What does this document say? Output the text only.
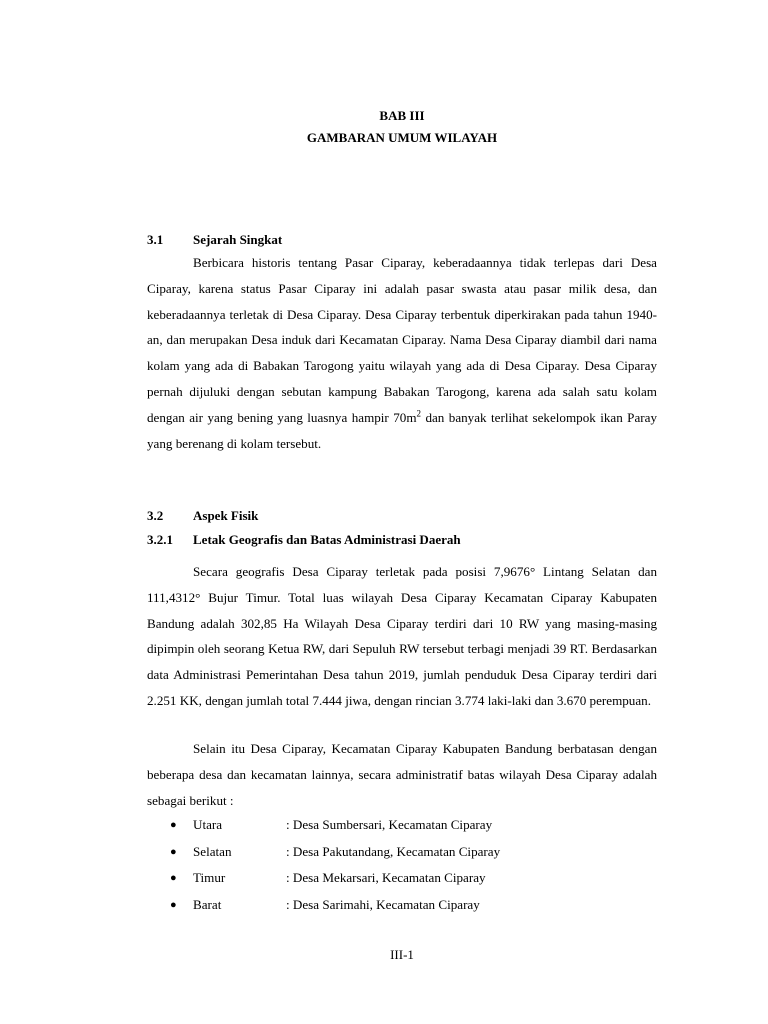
BAB III
GAMBARAN UMUM WILAYAH
3.1 Sejarah Singkat

Berbicara historis tentang Pasar Ciparay, keberadaannya tidak terlepas dari Desa Ciparay, karena status Pasar Ciparay ini adalah pasar swasta atau pasar milik desa, dan keberadaannya terletak di Desa Ciparay. Desa Ciparay terbentuk diperkirakan pada tahun 1940-an, dan merupakan Desa induk dari Kecamatan Ciparay. Nama Desa Ciparay diambil dari nama kolam yang ada di Babakan Tarogong yaitu wilayah yang ada di Desa Ciparay. Desa Ciparay pernah dijuluki dengan sebutan kampung Babakan Tarogong, karena ada salah satu kolam dengan air yang bening yang luasnya hampir $70m^2$ dan banyak terlihat sekelompok ikan Paray yang berenang di kolam tersebut.

3.2 Aspek Fisik
3.2.1 Letak Geografis dan Batas Administrasi Daerah

Secara geografis Desa Ciparay terletak pada posisi 7,9676° Lintang Selatan dan 111,4312° Bujur Timur. Total luas wilayah Desa Ciparay Kecamatan Ciparay Kabupaten Bandung adalah 302,85 Ha Wilayah Desa Ciparay terdiri dari 10 RW yang masing-masing dipimpin oleh seorang Ketua RW, dari Sepuluh RW tersebut terbagi menjadi 39 RT. Berdasarkan data Administrasi Pemerintahan Desa tahun 2019, jumlah penduduk Desa Ciparay terdiri dari 2.251 KK, dengan jumlah total 7.444 jiwa, dengan rincian 3.774 laki-laki dan 3.670 perempuan.

Selain itu Desa Ciparay, Kecamatan Ciparay Kabupaten Bandung berbatasan dengan beberapa desa dan kecamatan lainnya, secara administratif batas wilayah Desa Ciparay adalah sebagai berikut :

●	Utara	: Desa Sumbersari, Kecamatan Ciparay
●	Selatan	: Desa Pakutandang, Kecamatan Ciparay
●	Timur	: Desa Mekarsari, Kecamatan Ciparay
●	Barat	: Desa Sarimahi, Kecamatan Ciparay
III-1
